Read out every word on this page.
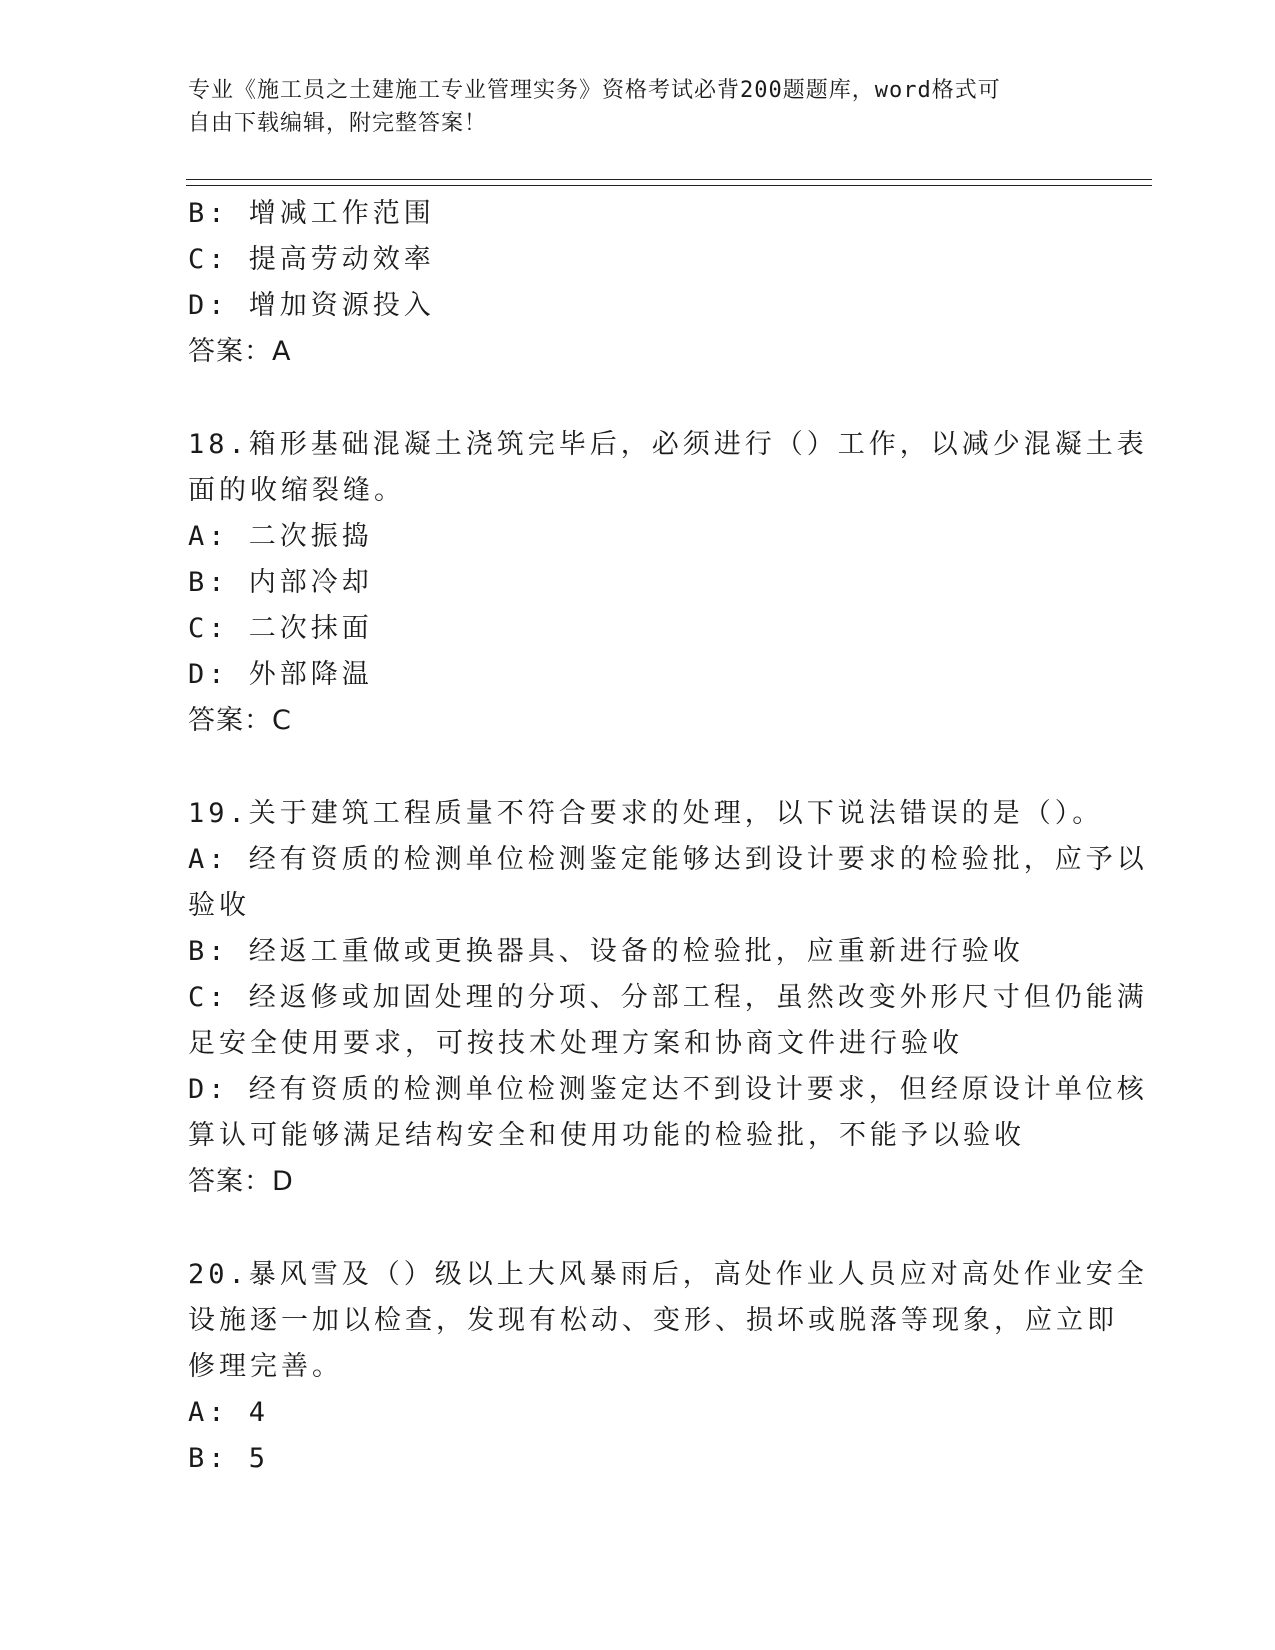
专业《施工员之土建施工专业管理实务》资格考试必背200题题库，word格式可
自由下载编辑，附完整答案！
B: 增减工作范围
C: 提高劳动效率
D: 增加资源投入
答案：A
18.箱形基础混凝土浇筑完毕后，必须进行（）工作，以减少混凝土表
面的收缩裂缝。
A: 二次振捣
B: 内部冷却
C: 二次抹面
D: 外部降温
答案：C
19.关于建筑工程质量不符合要求的处理，以下说法错误的是（）。
A: 经有资质的检测单位检测鉴定能够达到设计要求的检验批，应予以
验收
B: 经返工重做或更换器具、设备的检验批，应重新进行验收
C: 经返修或加固处理的分项、分部工程，虽然改变外形尺寸但仍能满
足安全使用要求，可按技术处理方案和协商文件进行验收
D: 经有资质的检测单位检测鉴定达不到设计要求，但经原设计单位核
算认可能够满足结构安全和使用功能的检验批，不能予以验收
答案：D
20.暴风雪及（）级以上大风暴雨后，高处作业人员应对高处作业安全
设施逐一加以检查，发现有松动、变形、损坏或脱落等现象，应立即
修理完善。
A: 4
B: 5
